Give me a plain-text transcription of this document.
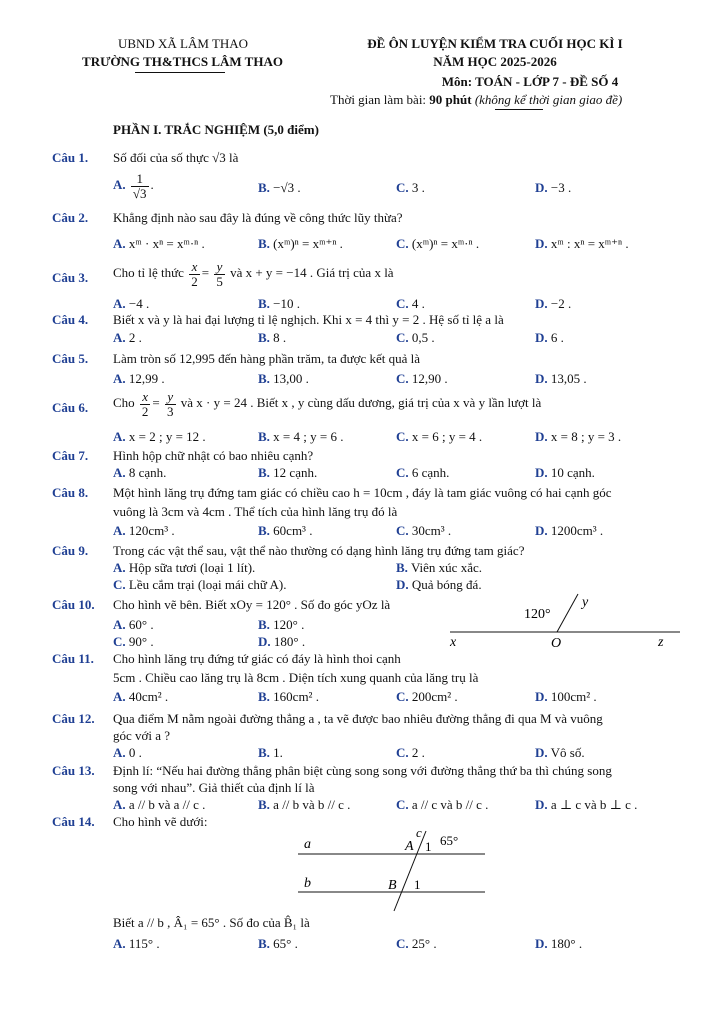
UBND XÃ LÂM THAO
TRƯỜNG TH&THCS LÂM THAO
ĐỀ ÔN LUYỆN KIỂM TRA CUỐI HỌC KÌ I
NĂM HỌC 2025-2026
Môn: TOÁN - LỚP 7 - ĐỀ SỐ 4
Thời gian làm bài: 90 phút (không kể thời gian giao đề)
PHẦN I. TRẮC NGHIỆM (5,0 điểm)
Câu 1. Số đối của số thực √3 là
A. $\frac{1}{√3}$ .	B. −√3 .	C. 3 .	D. −3 .
Câu 2. Khẳng định nào sau đây là đúng về công thức lũy thừa?
A. xᵐ · xⁿ = xᵐ·ⁿ .	B. (xᵐ)ⁿ = xᵐ⁺ⁿ .	C. (xᵐ)ⁿ = xᵐ·ⁿ .	D. xᵐ : xⁿ = xᵐ⁺ⁿ .
Câu 3. Cho tỉ lệ thức $\frac{x}{2} = \frac{y}{5}$ và x + y = −14 . Giá trị của x là
A. −4 .	B. −10 .	C. 4 .	D. −2 .
Câu 4. Biết x và y là hai đại lượng tỉ lệ nghịch. Khi x = 4 thì y = 2 . Hệ số tỉ lệ a là
A. 2 .	B. 8 .	C. 0,5 .	D. 6 .
Câu 5. Làm tròn số 12,995 đến hàng phần trăm, ta được kết quả là
A. 12,99 .	B. 13,00 .	C. 12,90 .	D. 13,05 .
Câu 6. Cho $\frac{x}{2} = \frac{y}{3}$ và x · y = 24 . Biết x , y cùng dấu dương, giá trị của x và y lần lượt là
A. x = 2 ; y = 12 .	B. x = 4 ; y = 6 .	C. x = 6 ; y = 4 .	D. x = 8 ; y = 3 .
Câu 7. Hình hộp chữ nhật có bao nhiêu cạnh?
A. 8 cạnh.	B. 12 cạnh.	C. 6 cạnh.	D. 10 cạnh.
Câu 8. Một hình lăng trụ đứng tam giác có chiều cao h = 10cm , đáy là tam giác vuông có hai cạnh góc
vuông là 3cm và 4cm . Thể tích của hình lăng trụ đó là
A. 120cm³ .	B. 60cm³ .	C. 30cm³ .	D. 1200cm³ .
Câu 9. Trong các vật thể sau, vật thể nào thường có dạng hình lăng trụ đứng tam giác?
A. Hộp sữa tươi (loại 1 lít).	B. Viên xúc xắc.
C. Lều cắm trại (loại mái chữ A).	D. Quả bóng đá.
Câu 10. Cho hình vẽ bên. Biết xOy = 120° . Số đo góc yOz là
A. 60° .	B. 120° .
C. 90° .	D. 180° .
120°
y
x	O	z
Câu 11. Cho hình lăng trụ đứng tứ giác có đáy là hình thoi cạnh
5cm . Chiều cao lăng trụ là 8cm . Diện tích xung quanh của lăng trụ là
A. 40cm² .	B. 160cm² .	C. 200cm² .	D. 100cm² .
Câu 12. Qua điểm M nằm ngoài đường thẳng a , ta vẽ được bao nhiêu đường thẳng đi qua M và vuông
góc với a ?
A. 0 .	B. 1.	C. 2 .	D. Vô số.
Câu 13. Định lí: “Nếu hai đường thẳng phân biệt cùng song song với đường thẳng thứ ba thì chúng song
song với nhau”. Giả thiết của định lí là
A. a // b và a // c .	B. a // b và b // c .	C. a // c và b // c .	D. a ⊥ c và b ⊥ c .
Câu 14. Cho hình vẽ dưới:
a
b
c
A 1 65°
B 1
Biết a // b , Â₁ = 65° . Số đo của B̂₁ là
A. 115° .	B. 65° .	C. 25° .	D. 180° .
